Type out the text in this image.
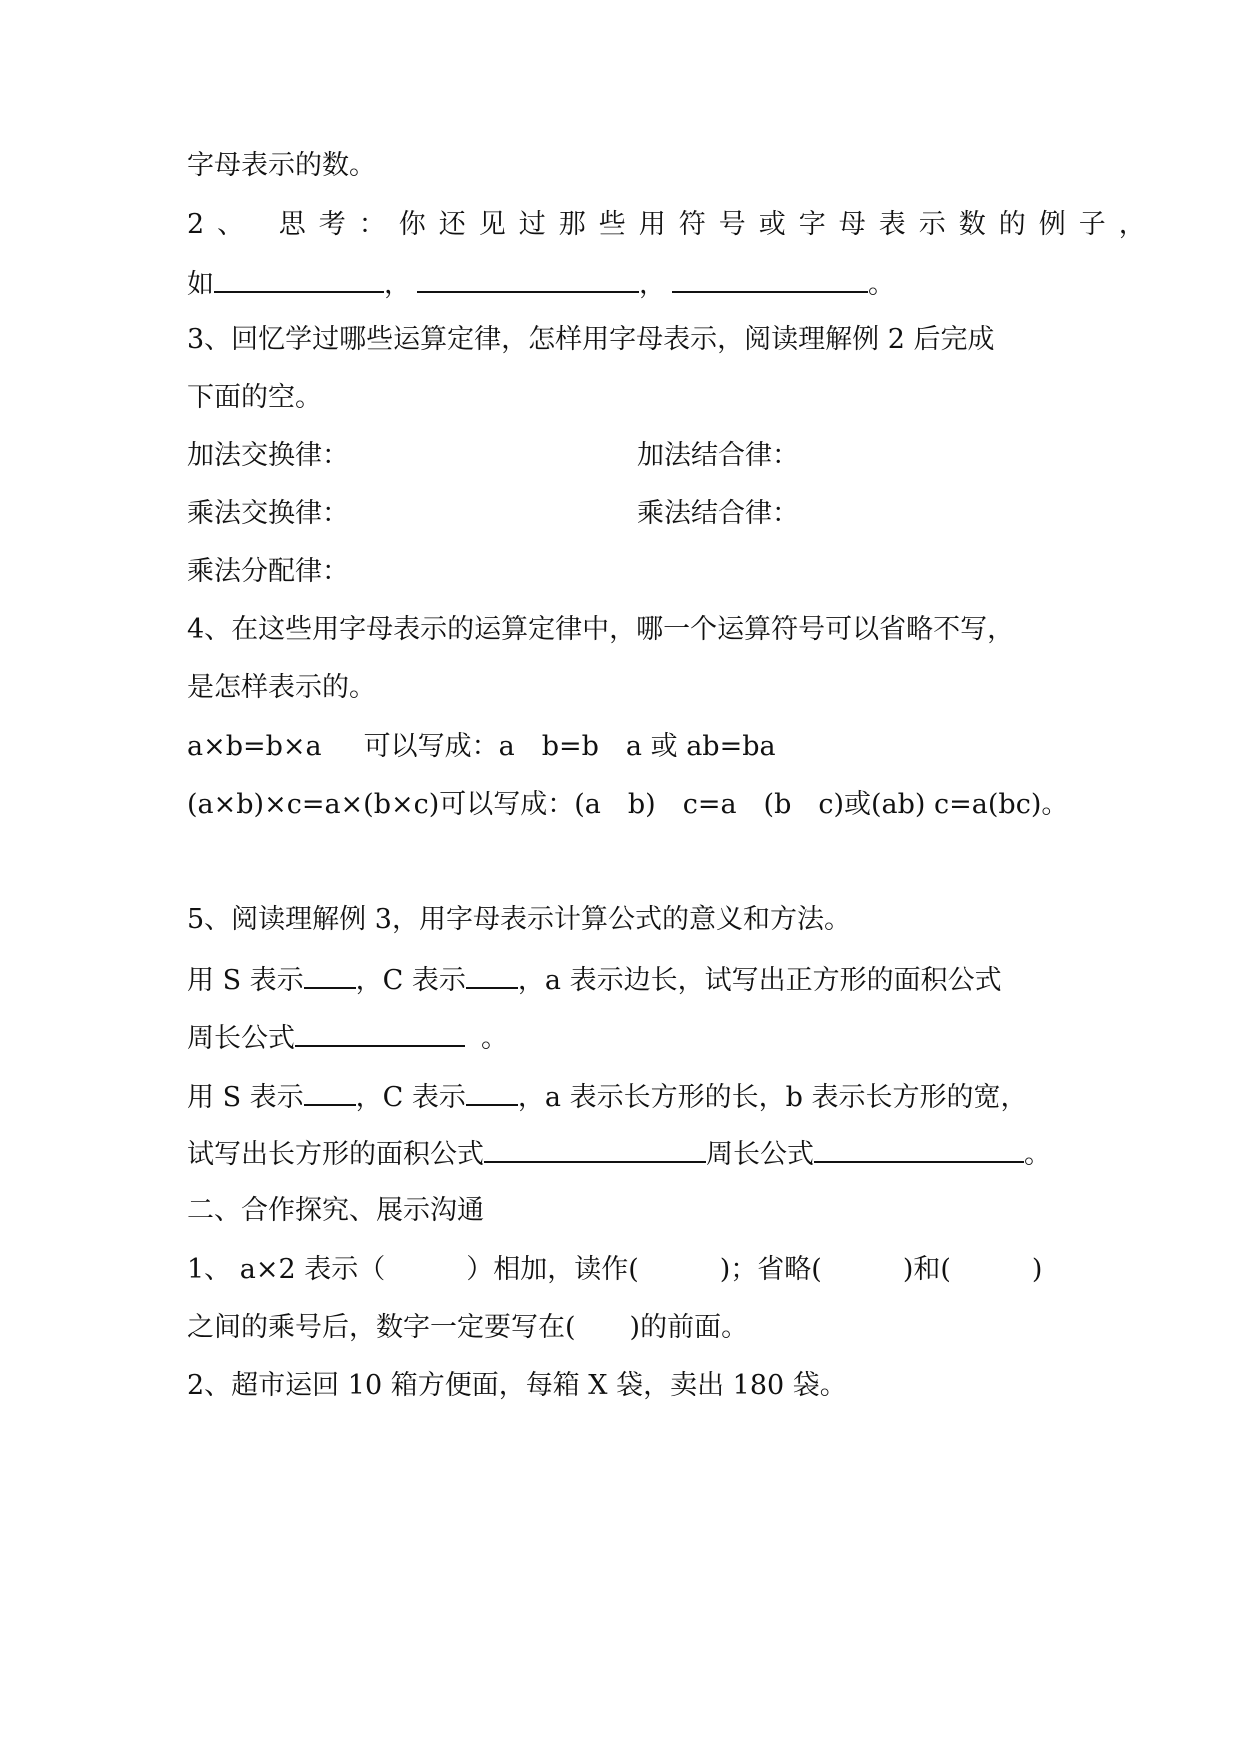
字母表示的数。
2、 思考：你还见过那些用符号或字母表示数的例子，
如	，	，	。
3、回忆学过哪些运算定律，怎样用字母表示，阅读理解例 2 后完成
下面的空。
加法交换律：	加法结合律：
乘法交换律：	乘法结合律：
乘法分配律：
4、在这些用字母表示的运算定律中，哪一个运算符号可以省略不写，
是怎样表示的。
a×b=b×a 可以写成：a　b=b　a 或 ab=ba
(a×b)×c=a×(b×c)可以写成：(a　b)　c=a　(b　c)或(ab) c=a(bc)。
5、阅读理解例 3，用字母表示计算公式的意义和方法。
用 S 表示 ，C 表示 ，a 表示边长，试写出正方形的面积公式
周长公式	。
用 S 表示 ，C 表示 ，a 表示长方形的长，b 表示长方形的宽，
试写出长方形的面积公式	周长公式	。
二、合作探究、展示沟通
1、 a×2 表示（　　　）相加，读作(　　　)；省略(　　　)和(　　　)
之间的乘号后，数字一定要写在(　　)的前面。
2、超市运回 10 箱方便面，每箱 X 袋，卖出 180 袋。
